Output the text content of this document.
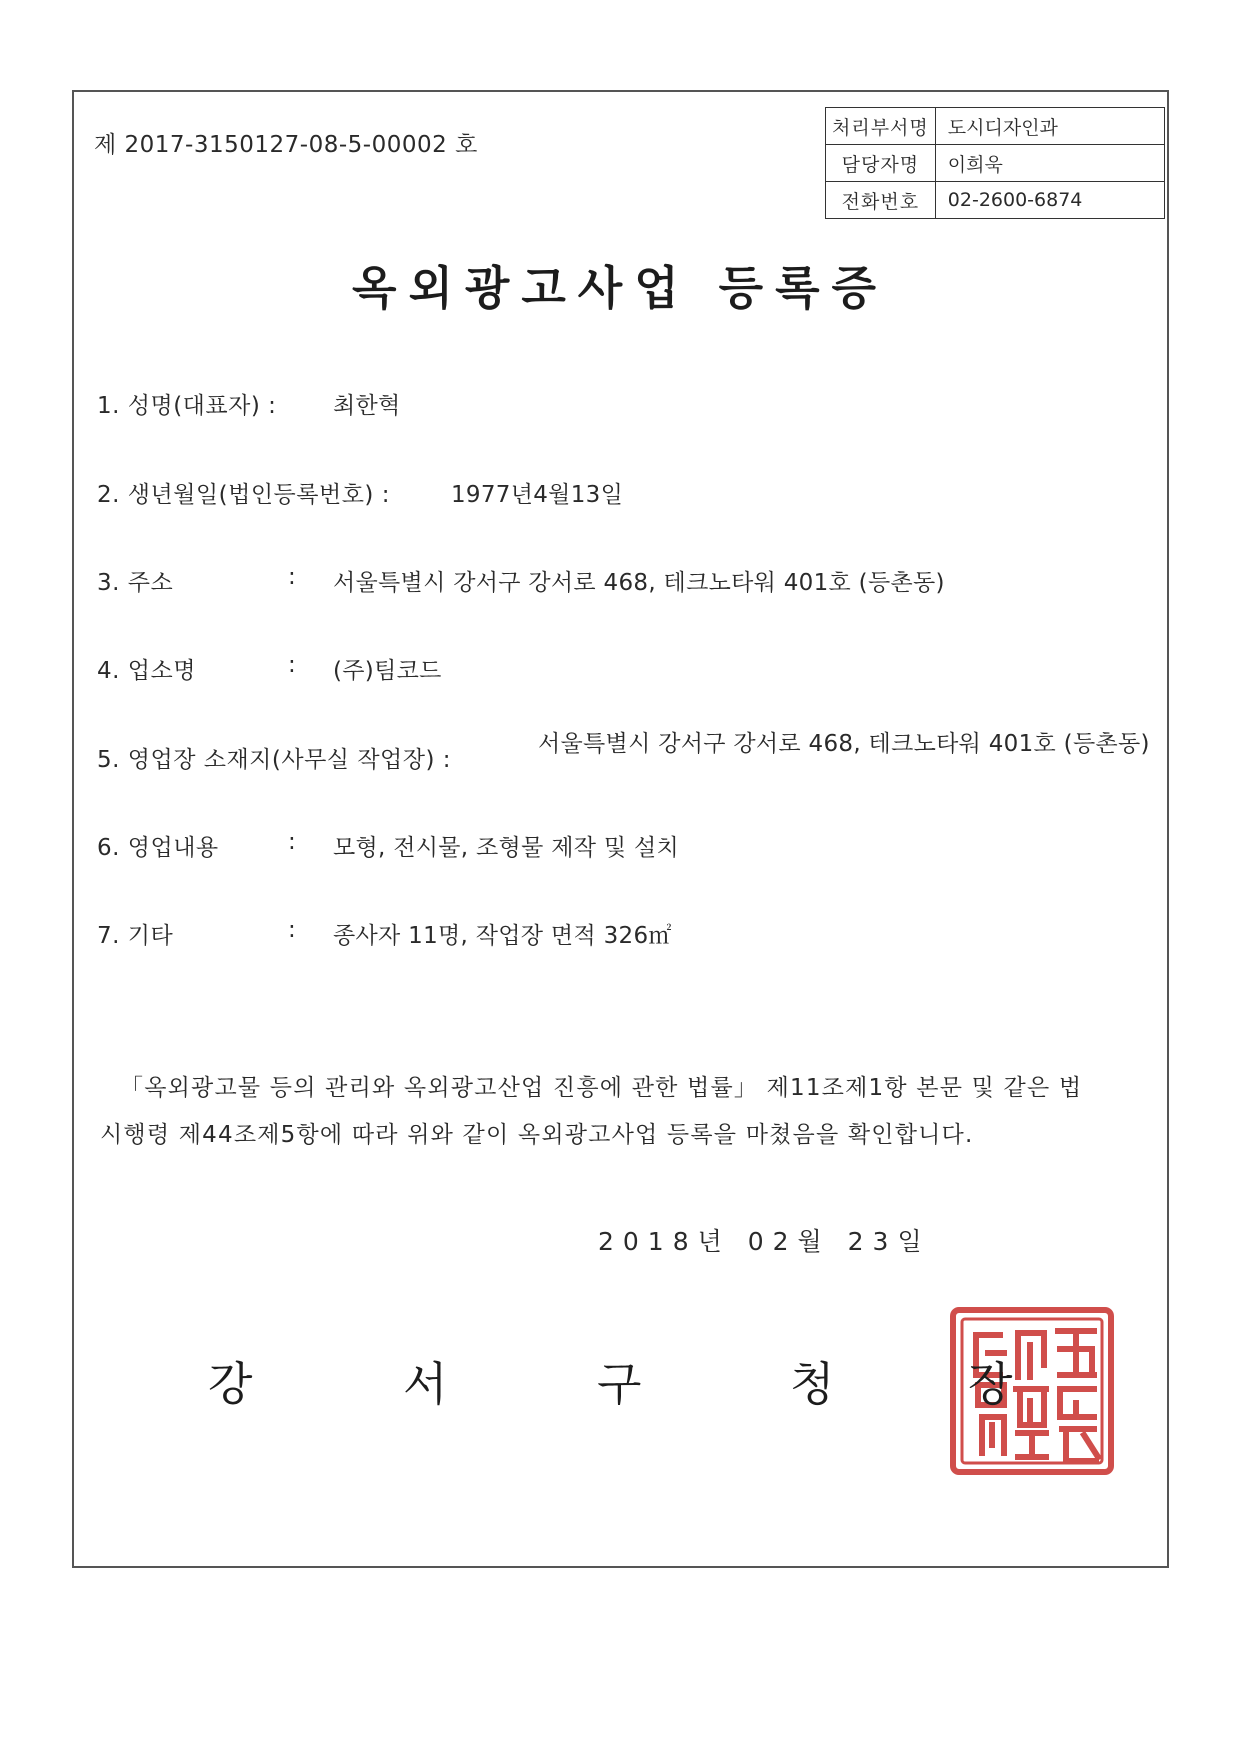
제 2017-3150127-08-5-00002 호
처리부서명	도시디자인과
담당자명	이희욱
전화번호	02-2600-6874
옥외광고사업 등록증
1. 성명(대표자) : 최한혁
2. 생년월일(법인등록번호) :	1977년4월13일
3. 주소	: 서울특별시 강서구 강서로 468, 테크노타워 401호 (등촌동)
4. 업소명	: (주)팀코드
5. 영업장 소재지(사무실 작업장) :
서울특별시 강서구 강서로 468, 테크노타워 401호 (등촌동)
6. 영업내용	: 모형, 전시물, 조형물 제작 및 설치
7. 기타	: 종사자 11명, 작업장 면적 326㎡
「옥외광고물 등의 관리와 옥외광고산업 진흥에 관한 법률」 제11조제1항 본문 및 같은 법 시행령 제44조제5항에 따라 위와 같이 옥외광고사업 등록을 마쳤음을 확인합니다.
2018년 02월 23일
강	서	구	청	장
